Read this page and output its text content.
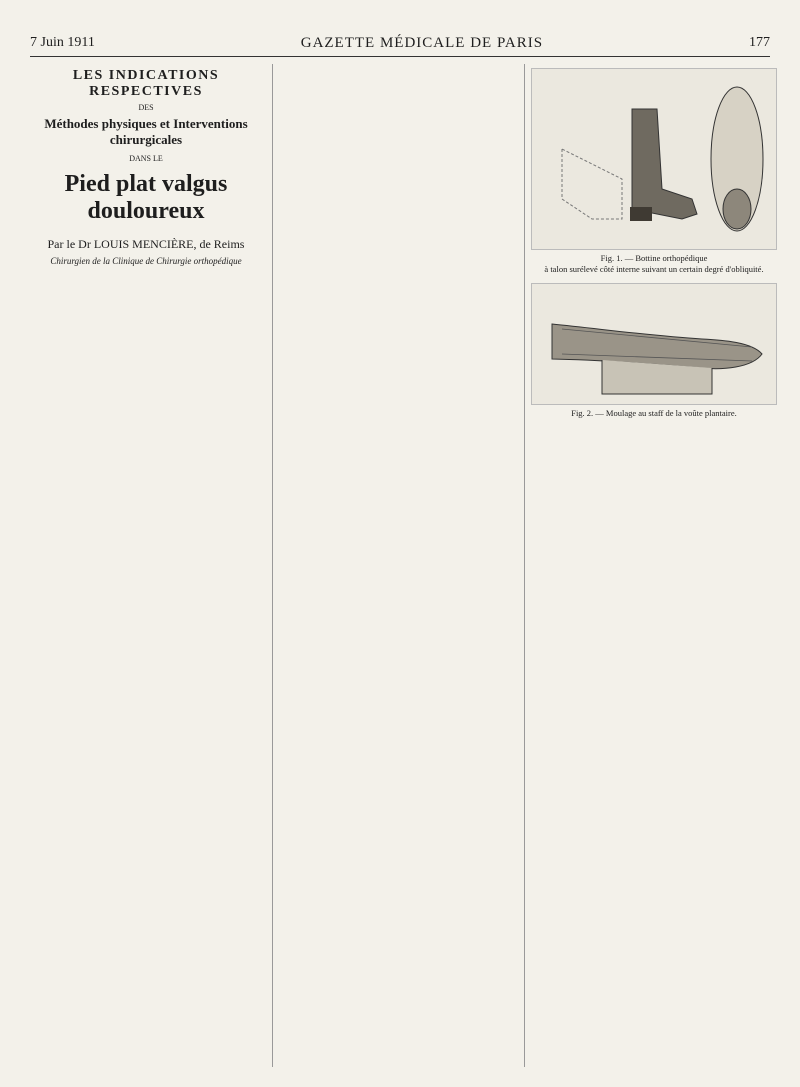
7 Juin 1911	GAZETTE MÉDICALE DE PARIS	177
LES INDICATIONS RESPECTIVES
DES
Méthodes physiques et Interventions chirurgicales
DANS LE
Pied plat valgus douloureux
Par le Dr LOUIS MENCIÈRE, de Reims
Chirurgien de la Clinique de Chirurgie orthopédique	Fig. 1. — Bottine orthopédique
à talon surélevé côté interne suivant un certain degré d'obliquité.
Fig. 2. — Moulage au staff de la voûte plantaire.
